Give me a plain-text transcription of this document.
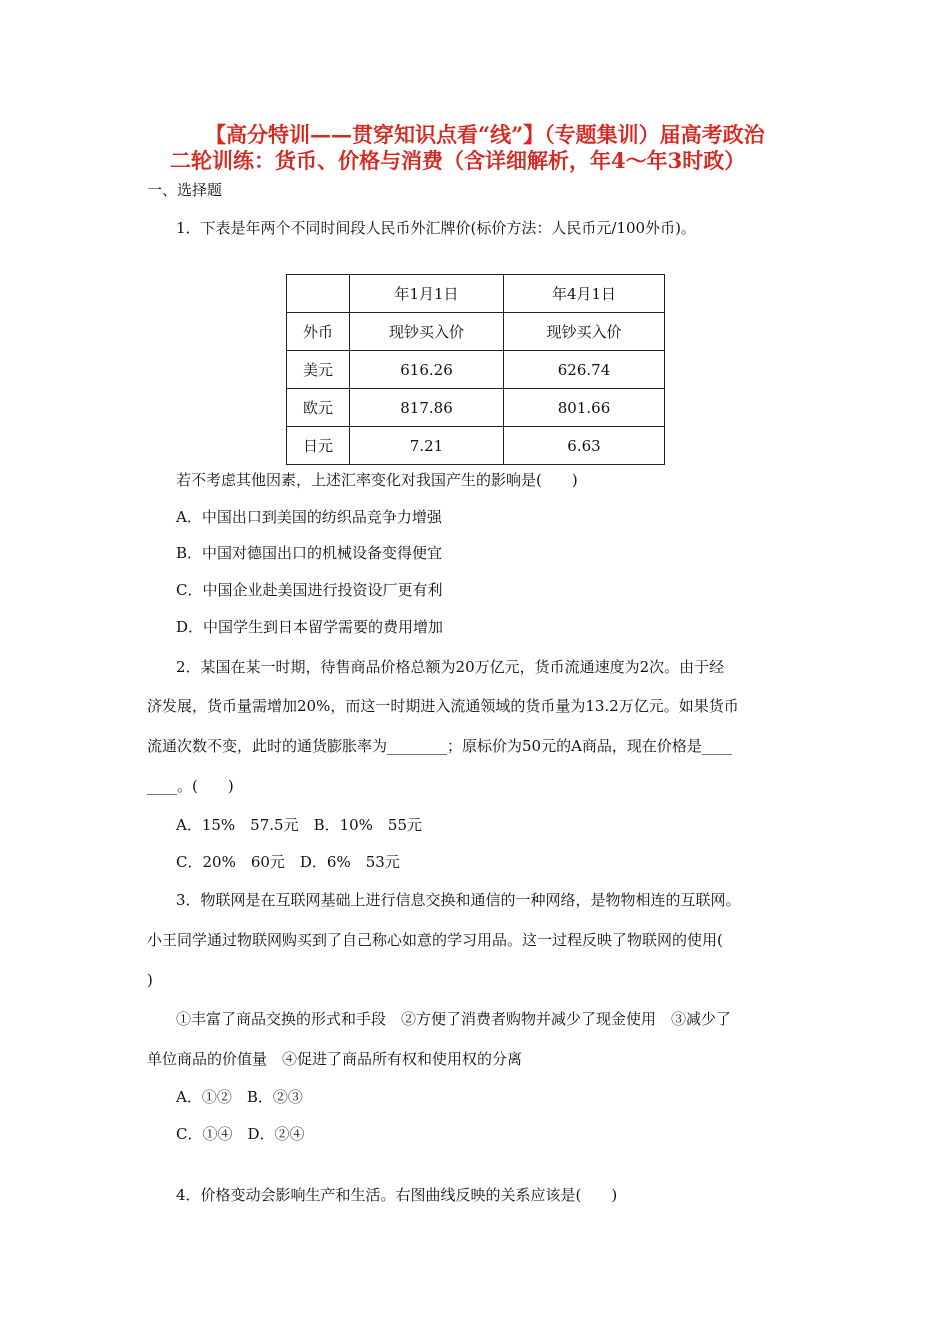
【高分特训——贯穿知识点看“线”】（专题集训）届高考政治
二轮训练：货币、价格与消费（含详细解析，年4～年3时政）
一、选择题
1．下表是年两个不同时间段人民币外汇牌价(标价方法：人民币元/100外币)。
	年1月1日	年4月1日
外币	现钞买入价	现钞买入价
美元	616.26	626.74
欧元	817.86	801.66
日元	7.21	6.63
若不考虑其他因素，上述汇率变化对我国产生的影响是(　　)
A．中国出口到美国的纺织品竞争力增强
B．中国对德国出口的机械设备变得便宜
C．中国企业赴美国进行投资设厂更有利
D．中国学生到日本留学需要的费用增加
2．某国在某一时期，待售商品价格总额为20万亿元，货币流通速度为2次。由于经
济发展，货币量需增加20%，而这一时期进入流通领域的货币量为13.2万亿元。如果货币
流通次数不变，此时的通货膨胀率为________；原标价为50元的A商品，现在价格是____
____。(　　)
A．15%　57.5元　B．10%　55元
C．20%　60元　D．6%　53元
3．物联网是在互联网基础上进行信息交换和通信的一种网络，是物物相连的互联网。
小王同学通过物联网购买到了自己称心如意的学习用品。这一过程反映了物联网的使用(
)
①丰富了商品交换的形式和手段　②方便了消费者购物并减少了现金使用　③减少了
单位商品的价值量　④促进了商品所有权和使用权的分离
A．①②　B．②③
C．①④　D．②④
4．价格变动会影响生产和生活。右图曲线反映的关系应该是(　　)
